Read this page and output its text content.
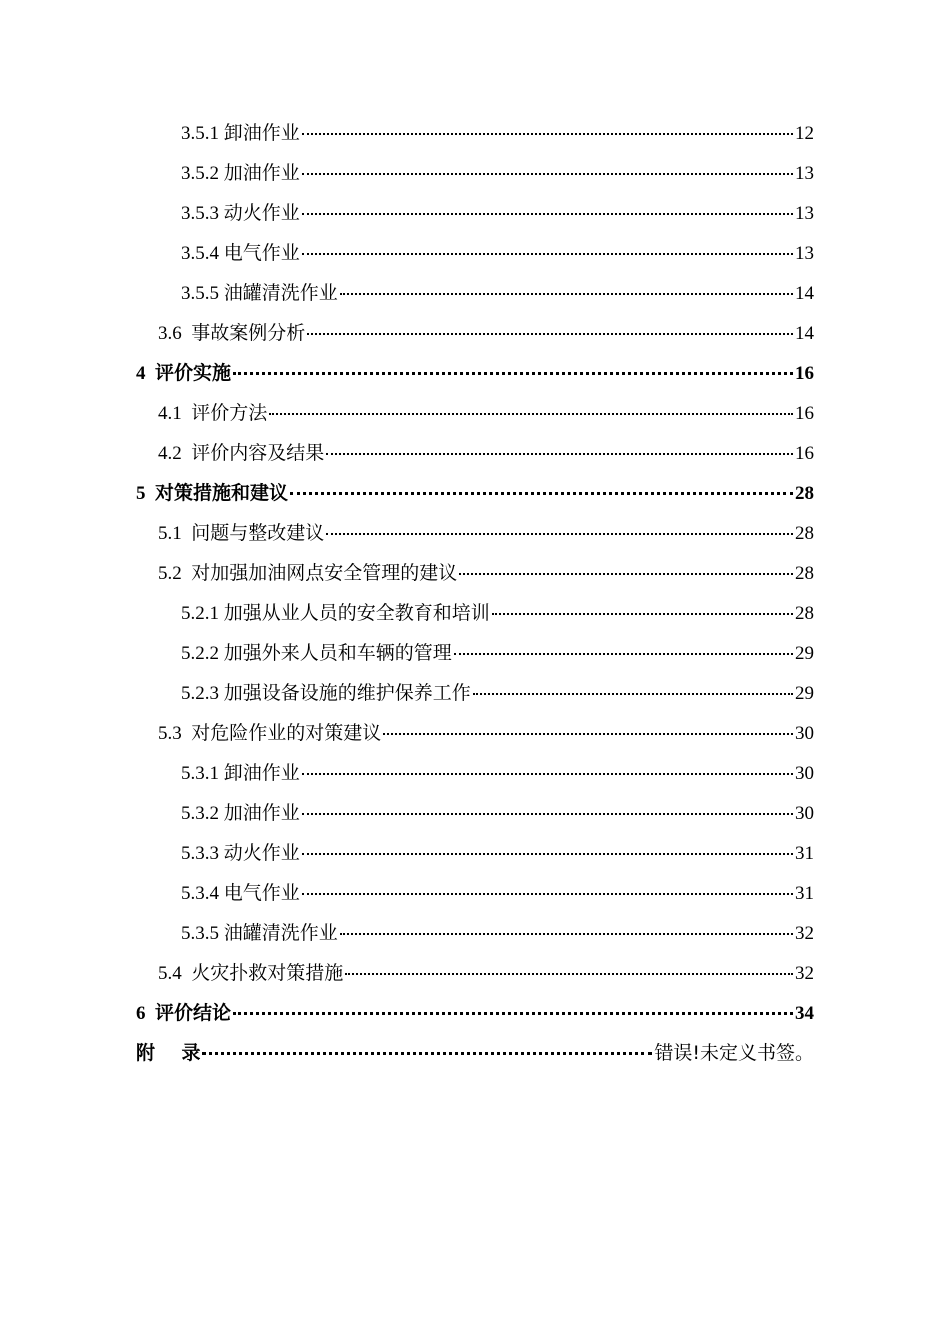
3.5.1 卸油作业	12
3.5.2 加油作业	13
3.5.3 动火作业	13
3.5.4 电气作业	13
3.5.5 油罐清洗作业	14
3.6 事故案例分析	14
4 评价实施	16
4.1 评价方法	16
4.2 评价内容及结果	16
5 对策措施和建议	28
5.1 问题与整改建议	28
5.2 对加强加油网点安全管理的建议	28
5.2.1 加强从业人员的安全教育和培训	28
5.2.2 加强外来人员和车辆的管理	29
5.2.3 加强设备设施的维护保养工作	29
5.3 对危险作业的对策建议	30
5.3.1 卸油作业	30
5.3.2 加油作业	30
5.3.3 动火作业	31
5.3.4 电气作业	31
5.3.5 油罐清洗作业	32
5.4 火灾扑救对策措施	32
6 评价结论	34
附    录	错误!未定义书签。
